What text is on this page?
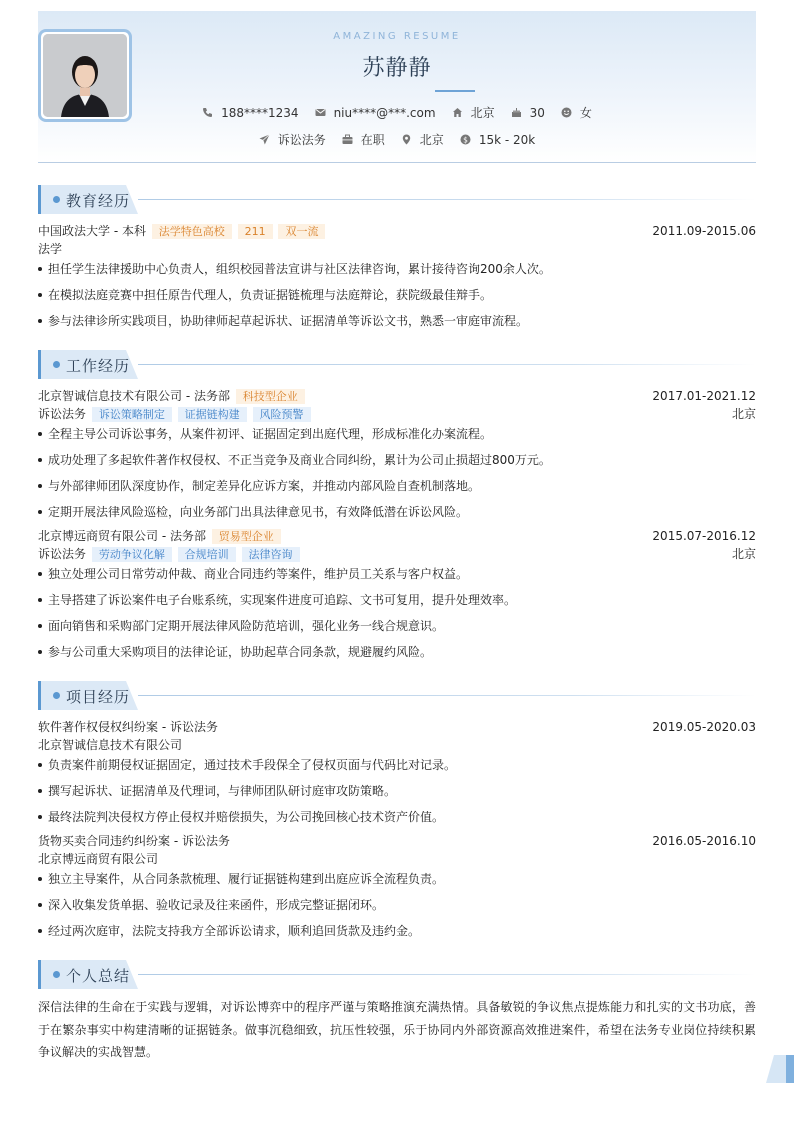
AMAZING RESUME
苏静静
188****1234	niu****@***.com	北京	30	女
诉讼法务	在职	北京	$ 15k - 20k
教育经历
中国政法大学 - 本科 法学特色高校 211 双一流	2011.09-2015.06
法学
担任学生法律援助中心负责人，组织校园普法宣讲与社区法律咨询，累计接待咨询200余人次。
在模拟法庭竞赛中担任原告代理人，负责证据链梳理与法庭辩论，获院级最佳辩手。
参与法律诊所实践项目，协助律师起草起诉状、证据清单等诉讼文书，熟悉一审庭审流程。
工作经历
北京智诚信息技术有限公司 - 法务部 科技型企业	2017.01-2021.12
诉讼法务 诉讼策略制定 证据链构建 风险预警	北京
全程主导公司诉讼事务，从案件初评、证据固定到出庭代理，形成标准化办案流程。
成功处理了多起软件著作权侵权、不正当竞争及商业合同纠纷，累计为公司止损超过800万元。
与外部律师团队深度协作，制定差异化应诉方案，并推动内部风险自查机制落地。
定期开展法律风险巡检，向业务部门出具法律意见书，有效降低潜在诉讼风险。
北京博远商贸有限公司 - 法务部 贸易型企业	2015.07-2016.12
诉讼法务 劳动争议化解 合规培训 法律咨询	北京
独立处理公司日常劳动仲裁、商业合同违约等案件，维护员工关系与客户权益。
主导搭建了诉讼案件电子台账系统，实现案件进度可追踪、文书可复用，提升处理效率。
面向销售和采购部门定期开展法律风险防范培训，强化业务一线合规意识。
参与公司重大采购项目的法律论证，协助起草合同条款，规避履约风险。
项目经历
软件著作权侵权纠纷案 - 诉讼法务	2019.05-2020.03
北京智诚信息技术有限公司
负责案件前期侵权证据固定，通过技术手段保全了侵权页面与代码比对记录。
撰写起诉状、证据清单及代理词，与律师团队研讨庭审攻防策略。
最终法院判决侵权方停止侵权并赔偿损失，为公司挽回核心技术资产价值。
货物买卖合同违约纠纷案 - 诉讼法务	2016.05-2016.10
北京博远商贸有限公司
独立主导案件，从合同条款梳理、履行证据链构建到出庭应诉全流程负责。
深入收集发货单据、验收记录及往来函件，形成完整证据闭环。
经过两次庭审，法院支持我方全部诉讼请求，顺利追回货款及违约金。
个人总结
深信法律的生命在于实践与逻辑，对诉讼博弈中的程序严谨与策略推演充满热情。具备敏锐的争议焦点提炼能力和扎实的文书功底，善于在繁杂事实中构建清晰的证据链条。做事沉稳细致，抗压性较强，乐于协同内外部资源高效推进案件，希望在法务专业岗位持续积累争议解决的实战智慧。
